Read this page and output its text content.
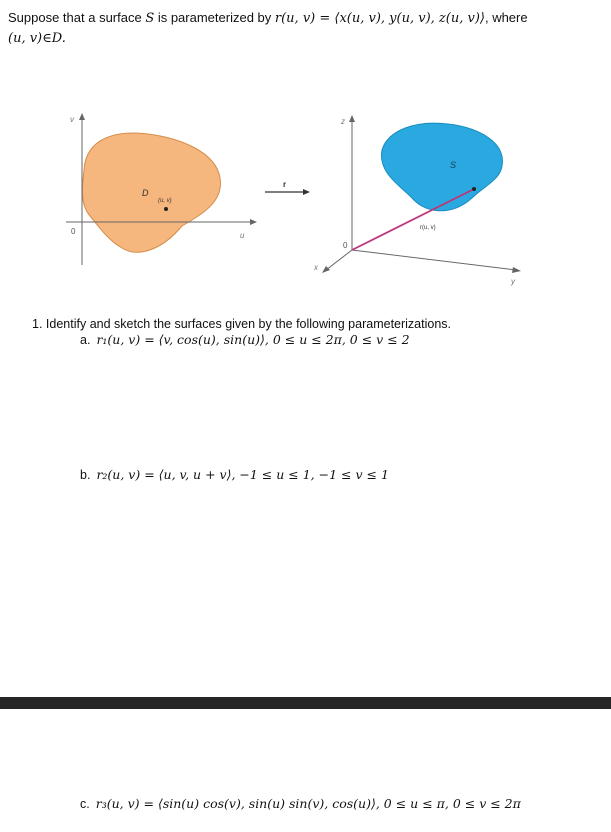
Suppose that a surface S is parameterized by r(u, v) = ⟨x(u, v), y(u, v), z(u, v)⟩, where
(u, v)∈D.
v
0	u
D
(u, v)
r
z
0
x
y
S
r(u, v)
1. Identify and sketch the surfaces given by the following parameterizations.
a. r₁(u, v) = ⟨v, cos(u), sin(u)⟩, 0 ≤ u ≤ 2π, 0 ≤ v ≤ 2
b. r₂(u, v) = ⟨u, v, u + v⟩, −1 ≤ u ≤ 1, −1 ≤ v ≤ 1
c. r₃(u, v) = ⟨sin(u) cos(v), sin(u) sin(v), cos(u)⟩, 0 ≤ u ≤ π, 0 ≤ v ≤ 2π
